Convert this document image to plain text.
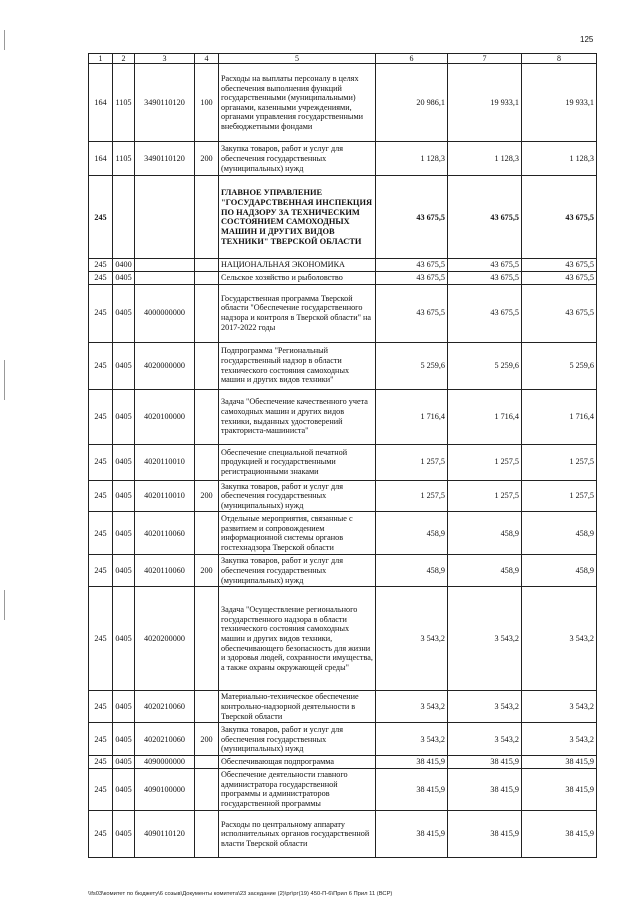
125
1	2	3	4	5	6	7	8
164	1105	3490110120	100	Расходы на выплаты персоналу в целях обеспечения выполнения функций государственными (муниципальными) органами, казенными учреждениями, органами управления государственными внебюджетными фондами	20 986,1	19 933,1	19 933,1
164	1105	3490110120	200	Закупка товаров, работ и услуг для обеспечения государственных (муниципальных) нужд	1 128,3	1 128,3	1 128,3
245				ГЛАВНОЕ УПРАВЛЕНИЕ "ГОСУДАРСТВЕННАЯ ИНСПЕКЦИЯ ПО НАДЗОРУ ЗА ТЕХНИЧЕСКИМ СОСТОЯНИЕМ САМОХОДНЫХ МАШИН И ДРУГИХ ВИДОВ ТЕХНИКИ" ТВЕРСКОЙ ОБЛАСТИ	43 675,5	43 675,5	43 675,5
245	0400			НАЦИОНАЛЬНАЯ ЭКОНОМИКА	43 675,5	43 675,5	43 675,5
245	0405			Сельское хозяйство и рыболовство	43 675,5	43 675,5	43 675,5
245	0405	4000000000		Государственная программа Тверской области "Обеспечение государственного надзора и контроля в Тверской области" на 2017-2022 годы	43 675,5	43 675,5	43 675,5
245	0405	4020000000		Подпрограмма "Региональный государственный надзор в области технического состояния самоходных машин и других видов техники"	5 259,6	5 259,6	5 259,6
245	0405	4020100000		Задача "Обеспечение качественного учета самоходных машин и других видов техники, выданных удостоверений тракториста-машиниста"	1 716,4	1 716,4	1 716,4
245	0405	4020110010		Обеспечение специальной печатной продукцией и государственными регистрационными знаками	1 257,5	1 257,5	1 257,5
245	0405	4020110010	200	Закупка товаров, работ и услуг для обеспечения государственных (муниципальных) нужд	1 257,5	1 257,5	1 257,5
245	0405	4020110060		Отдельные мероприятия, связанные с развитием и сопровождением информационной системы органов гостехнадзора Тверской области	458,9	458,9	458,9
245	0405	4020110060	200	Закупка товаров, работ и услуг для обеспечения государственных (муниципальных) нужд	458,9	458,9	458,9
245	0405	4020200000		Задача "Осуществление регионального государственного надзора в области технического состояния самоходных машин и других видов техники, обеспечивающего безопасность для жизни и здоровья людей, сохранности имущества, а также охраны окружающей среды"	3 543,2	3 543,2	3 543,2
245	0405	4020210060		Материально-техническое обеспечение контрольно-надзорной деятельности в Тверской области	3 543,2	3 543,2	3 543,2
245	0405	4020210060	200	Закупка товаров, работ и услуг для обеспечения государственных (муниципальных) нужд	3 543,2	3 543,2	3 543,2
245	0405	4090000000		Обеспечивающая подпрограмма	38 415,9	38 415,9	38 415,9
245	0405	4090100000		Обеспечение деятельности главного администратора государственной программы и администраторов государственной программы	38 415,9	38 415,9	38 415,9
245	0405	4090110120		Расходы по центральному аппарату исполнительных органов государственной власти Тверской области	38 415,9	38 415,9	38 415,9
\\fs03\комитет по бюджету\6 созыв\Документы комитета\23 заседание (2)\рг\рг(19) 450-П-6\Прил 6 Прил 11 (ВСР)
